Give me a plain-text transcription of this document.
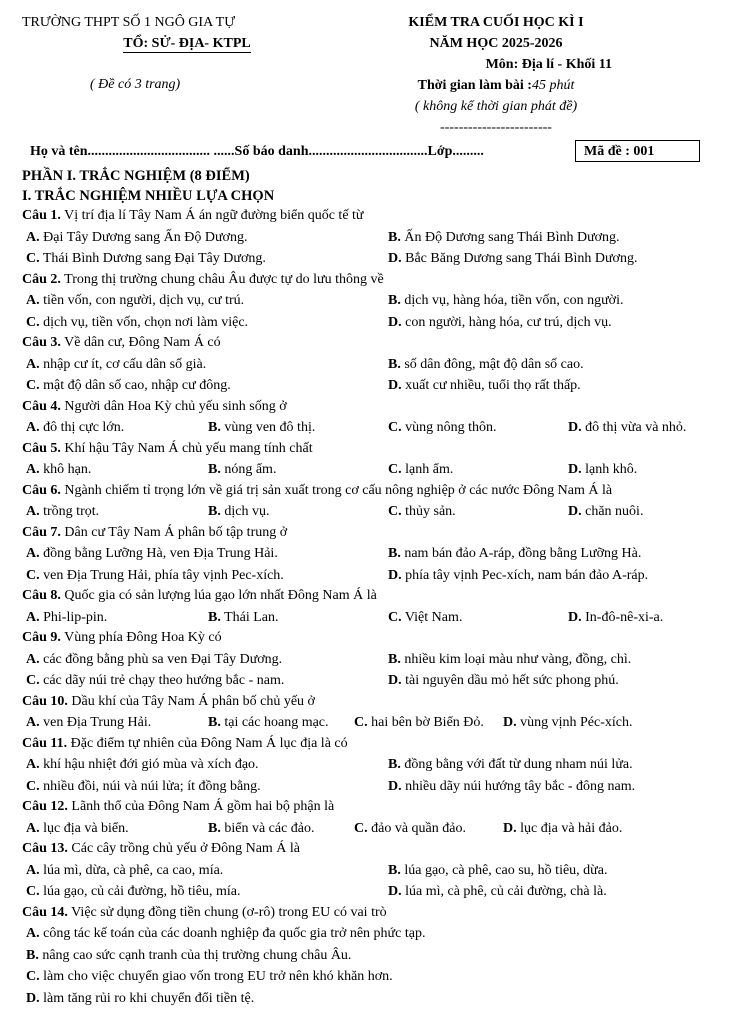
TRƯỜNG THPT SỐ 1 NGÔ GIA TỰ
TỔ: SỬ- ĐỊA- KTPL
( Đề có 3 trang)
KIỂM TRA CUỐI HỌC KÌ I
NĂM HỌC 2025-2026
Môn: Địa lí - Khối 11
Thời gian làm bài :45 phút
( không kể thời gian phát đề)
------------------------
Họ và tên................................... ......Số báo danh..................................Lớp.........	Mã đề : 001
PHẦN I. TRẮC NGHIỆM (8 ĐIỂM)
I. TRẮC NGHIỆM NHIỀU LỰA CHỌN
Câu 1. Vị trí địa lí Tây Nam Á án ngữ đường biển quốc tế từ
A. Đại Tây Dương sang Ấn Độ Dương.	B. Ấn Độ Dương sang Thái Bình Dương.
C. Thái Bình Dương sang Đại Tây Dương.	D. Bắc Băng Dương sang Thái Bình Dương.
Câu 2. Trong thị trường chung châu Âu được tự do lưu thông về
A. tiền vốn, con người, dịch vụ, cư trú.	B. dịch vụ, hàng hóa, tiền vốn, con người.
C. dịch vụ, tiền vốn, chọn nơi làm việc.	D. con người, hàng hóa, cư trú, dịch vụ.
Câu 3. Về dân cư, Đông Nam Á có
A. nhập cư ít, cơ cấu dân số già.	B. số dân đông, mật độ dân số cao.
C. mật độ dân số cao, nhập cư đông.	D. xuất cư nhiều, tuổi thọ rất thấp.
Câu 4. Người dân Hoa Kỳ chủ yếu sinh sống ở
A. đô thị cực lớn.	B. vùng ven đô thị.	C. vùng nông thôn.	D. đô thị vừa và nhỏ.
Câu 5. Khí hậu Tây Nam Á chủ yếu mang tính chất
A. khô hạn.	B. nóng ẩm.	C. lạnh ẩm.	D. lạnh khô.
Câu 6. Ngành chiếm tỉ trọng lớn về giá trị sản xuất trong cơ cấu nông nghiệp ở các nước Đông Nam Á là
A. trồng trọt.	B. dịch vụ.	C. thủy sản.	D. chăn nuôi.
Câu 7. Dân cư Tây Nam Á phân bố tập trung ở
A. đồng bằng Lưỡng Hà, ven Địa Trung Hải.	B. nam bán đảo A-ráp, đồng bằng Lưỡng Hà.
C. ven Địa Trung Hải, phía tây vịnh Pec-xích.	D. phía tây vịnh Pec-xích, nam bán đảo A-ráp.
Câu 8. Quốc gia có sản lượng lúa gạo lớn nhất Đông Nam Á là
A. Phi-lip-pin.	B. Thái Lan.	C. Việt Nam.	D. In-đô-nê-xi-a.
Câu 9. Vùng phía Đông Hoa Kỳ có
A. các đồng bằng phù sa ven Đại Tây Dương.	B. nhiều kim loại màu như vàng, đồng, chì.
C. các dãy núi trẻ chạy theo hướng bắc - nam.	D. tài nguyên dầu mỏ hết sức phong phú.
Câu 10. Dầu khí của Tây Nam Á phân bố chủ yếu ở
A. ven Địa Trung Hải.	B. tại các hoang mạc. C. hai bên bờ Biển Đỏ. D. vùng vịnh Péc-xích.
Câu 11. Đặc điểm tự nhiên của Đông Nam Á lục địa là có
A. khí hậu nhiệt đới gió mùa và xích đạo.	B. đồng bằng với đất từ dung nham núi lửa.
C. nhiều đồi, núi và núi lửa; ít đồng bằng.	D. nhiều dãy núi hướng tây bắc - đông nam.
Câu 12. Lãnh thổ của Đông Nam Á gồm hai bộ phận là
A. lục địa và biển.	B. biển và các đảo.	C. đảo và quần đảo.	D. lục địa và hải đảo.
Câu 13. Các cây trồng chủ yếu ở Đông Nam Á là
A. lúa mì, dừa, cà phê, ca cao, mía.	B. lúa gạo, cà phê, cao su, hồ tiêu, dừa.
C. lúa gạo, củ cải đường, hồ tiêu, mía.	D. lúa mì, cà phê, củ cải đường, chà là.
Câu 14. Việc sử dụng đồng tiền chung (ơ-rô) trong EU có vai trò
A. công tác kế toán của các doanh nghiệp đa quốc gia trở nên phức tạp.
B. nâng cao sức cạnh tranh của thị trường chung châu Âu.
C. làm cho việc chuyển giao vốn trong EU trở nên khó khăn hơn.
D. làm tăng rủi ro khi chuyển đổi tiền tệ.
